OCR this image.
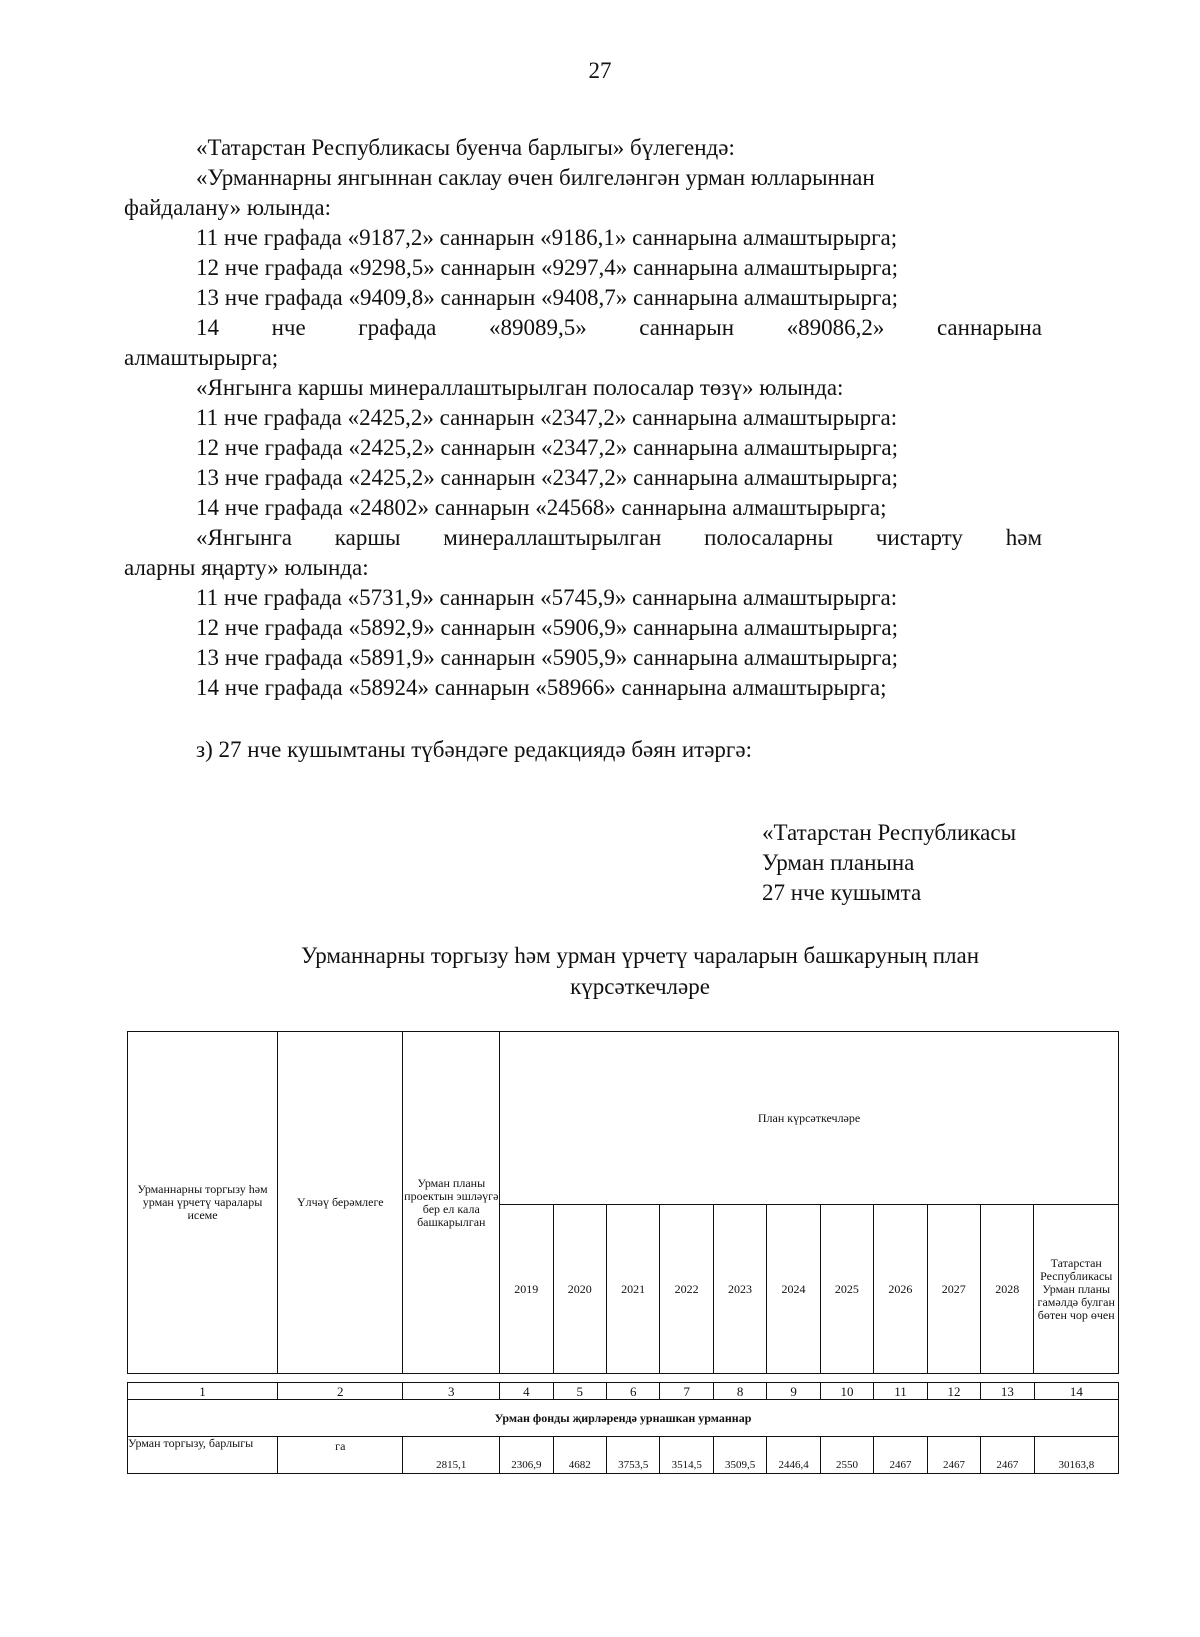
27
«Татарстан Республикасы буенча барлыгы» бүлегендә:
«Урманнарны янгыннан саклау өчен билгеләнгән урман юлларыннан
файдалану» юлында:
11 нче графада «9187,2» саннарын «9186,1» саннарына алмаштырырга;
12 нче графада «9298,5» саннарын «9297,4» саннарына алмаштырырга;
13 нче графада «9409,8» саннарын «9408,7» саннарына алмаштырырга;
14 нче графада «89089,5» саннарын «89086,2» саннарына
алмаштырырга;
«Янгынга каршы минераллаштырылган полосалар төзү» юлында:
11 нче графада «2425,2» саннарын «2347,2» саннарына алмаштырырга:
12 нче графада «2425,2» саннарын «2347,2» саннарына алмаштырырга;
13 нче графада «2425,2» саннарын «2347,2» саннарына алмаштырырга;
14 нче графада «24802» саннарын «24568» саннарына алмаштырырга;
«Янгынга каршы минераллаштырылган полосаларны чистарту һәм
аларны яңарту» юлында:
11 нче графада «5731,9» саннарын «5745,9» саннарына алмаштырырга:
12 нче графада «5892,9» саннарын «5906,9» саннарына алмаштырырга;
13 нче графада «5891,9» саннарын «5905,9» саннарына алмаштырырга;
14 нче графада «58924» саннарын «58966» саннарына алмаштырырга;
з) 27 нче кушымтаны түбәндәге редакциядә бәян итәргә:
«Татарстан Республикасы
Урман планына
27 нче кушымта
Урманнарны торгызу һәм урман үрчетү чараларын башкаруның план
күрсәткечләре
Урманнарны торгызу һәм урман үрчетү чаралары исеме	Үлчәү берәмлеге	Урман планы проектын эшләүгә бер ел кала башкарылган	План күрсәткечләре										
			2019	2020	2021	2022	2023	2024	2025	2026	2027	2028	Татарстан Республикасы Урман планы гамәлдә булган бөтен чор өчен
1	2	3	4	5	6	7	8	9	10	11	12	13	14
Урман фонды җирләрендә урнашкан урманнар													
Урман торгызу, барлыгы	га	2815,1	2306,9	4682	3753,5	3514,5	3509,5	2446,4	2550	2467	2467	2467	30163,8
